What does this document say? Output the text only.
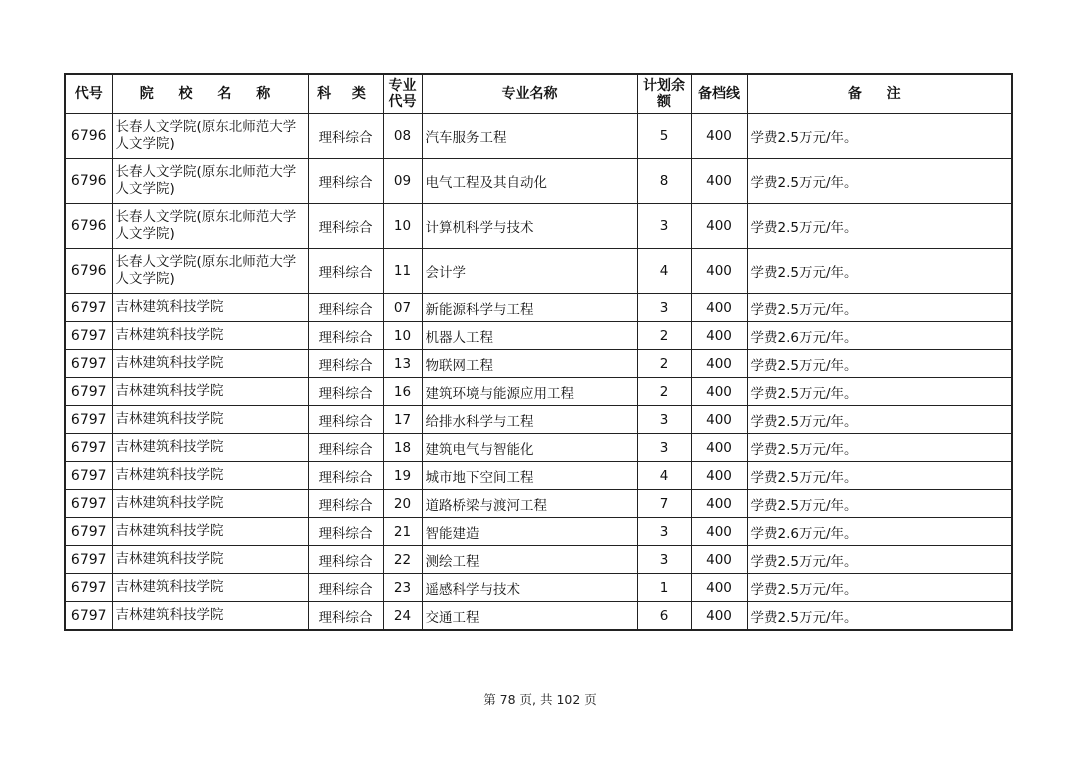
代号	院 校 名 称	科 类	专业代号	专业名称	计划余额	备档线	备 注
6796	长春人文学院(原东北师范大学人文学院)	理科综合	08	汽车服务工程	5	400	学费2.5万元/年。
6796	长春人文学院(原东北师范大学人文学院)	理科综合	09	电气工程及其自动化	8	400	学费2.5万元/年。
6796	长春人文学院(原东北师范大学人文学院)	理科综合	10	计算机科学与技术	3	400	学费2.5万元/年。
6796	长春人文学院(原东北师范大学人文学院)	理科综合	11	会计学	4	400	学费2.5万元/年。
6797	吉林建筑科技学院	理科综合	07	新能源科学与工程	3	400	学费2.5万元/年。
6797	吉林建筑科技学院	理科综合	10	机器人工程	2	400	学费2.6万元/年。
6797	吉林建筑科技学院	理科综合	13	物联网工程	2	400	学费2.5万元/年。
6797	吉林建筑科技学院	理科综合	16	建筑环境与能源应用工程	2	400	学费2.5万元/年。
6797	吉林建筑科技学院	理科综合	17	给排水科学与工程	3	400	学费2.5万元/年。
6797	吉林建筑科技学院	理科综合	18	建筑电气与智能化	3	400	学费2.5万元/年。
6797	吉林建筑科技学院	理科综合	19	城市地下空间工程	4	400	学费2.5万元/年。
6797	吉林建筑科技学院	理科综合	20	道路桥梁与渡河工程	7	400	学费2.5万元/年。
6797	吉林建筑科技学院	理科综合	21	智能建造	3	400	学费2.6万元/年。
6797	吉林建筑科技学院	理科综合	22	测绘工程	3	400	学费2.5万元/年。
6797	吉林建筑科技学院	理科综合	23	遥感科学与技术	1	400	学费2.5万元/年。
6797	吉林建筑科技学院	理科综合	24	交通工程	6	400	学费2.5万元/年。
第 78 页, 共 102 页
